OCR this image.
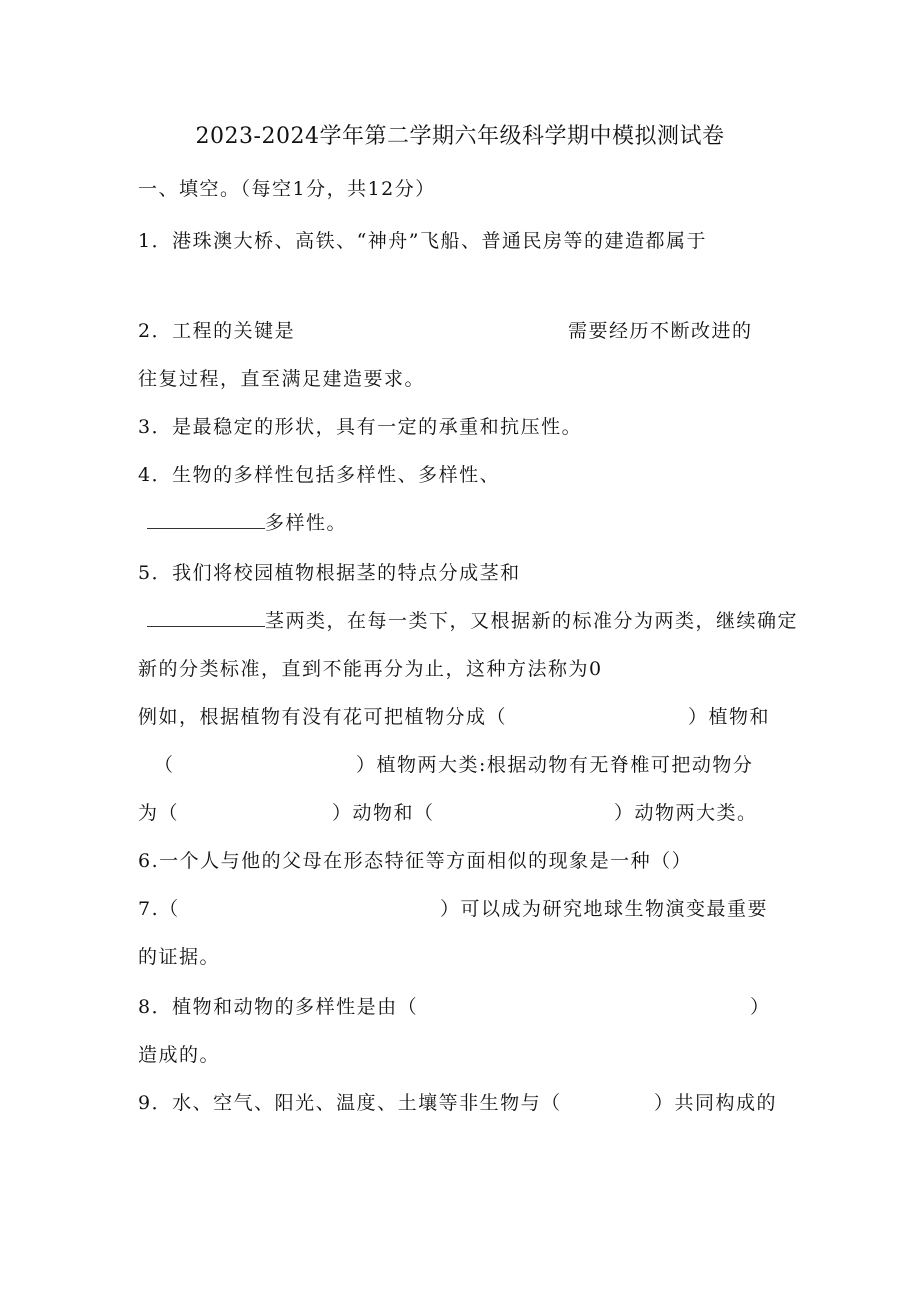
2023-2024学年第二学期六年级科学期中模拟测试卷
一、填空。（每空1分，共12分）
1．港珠澳大桥、高铁、“神舟”飞船、普通民房等的建造都属于
2．工程的关键是	需要经历不断改进的
往复过程，直至满足建造要求。
3．是最稳定的形状，具有一定的承重和抗压性。
4．生物的多样性包括多样性、多样性、
多样性。
5．我们将校园植物根据茎的特点分成茎和
茎两类，在每一类下，又根据新的标准分为两类，继续确定
新的分类标准，直到不能再分为止，这种方法称为0
例如，根据植物有没有花可把植物分成（	）植物和
（	）植物两大类:根据动物有无脊椎可把动物分
为（	）动物和（	）动物两大类。
6.一个人与他的父母在形态特征等方面相似的现象是一种（）
7.（	）可以成为研究地球生物演变最重要
的证据。
8．植物和动物的多样性是由（	）
造成的。
9．水、空气、阳光、温度、土壤等非生物与（	）共同构成的
